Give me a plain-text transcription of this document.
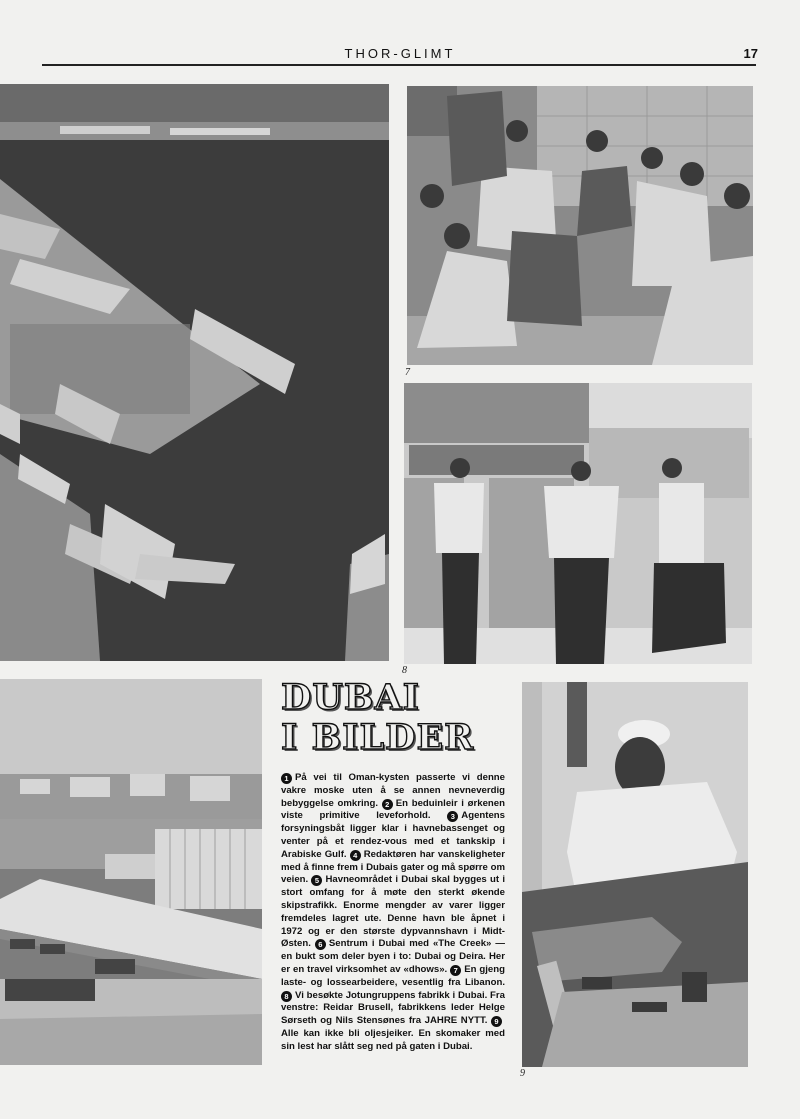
THOR-GLIMT	17
7
8
DUBAI
I BILDER

1 På vei til Oman-kysten passerte vi denne vakre moske uten å se annen nevneverdig bebyggelse omkring.

2 En beduinleir i ørkenen viste primitive leveforhold.

	3 Agentens forsyningsbåt ligger klar i havnebassenget og venter på et rendez-vous med et tankskip i Arabiske Gulf.

4 Redaktøren har vanskeligheter med å finne frem i Dubais gater og må spørre om veien.

5 Havneområdet i Dubai skal bygges ut i stort omfang for å møte den sterkt økende skipstrafikk. Enorme mengder av varer ligger fremdeles lagret ute. Denne havn ble åpnet i 1972 og er den største dypvannshavn i Midt-Østen.

6 Sentrum i Dubai med «The Creek» — en bukt som deler byen i to: Dubai og Deira. Her er en travel virksomhet av «dhows».

7 En gjeng laste- og lossearbeidere, vesentlig fra Libanon.

8 Vi besøkte Jotungruppens fabrikk i Dubai. Fra venstre: Reidar Brusell, fabrikkens leder Helge Sørseth og Nils Stensønes fra JAHRE NYTT.

9Alle kan ikke bli oljesjeiker. En skomaker med sin lest har slått seg ned på gaten i Dubai.

9
